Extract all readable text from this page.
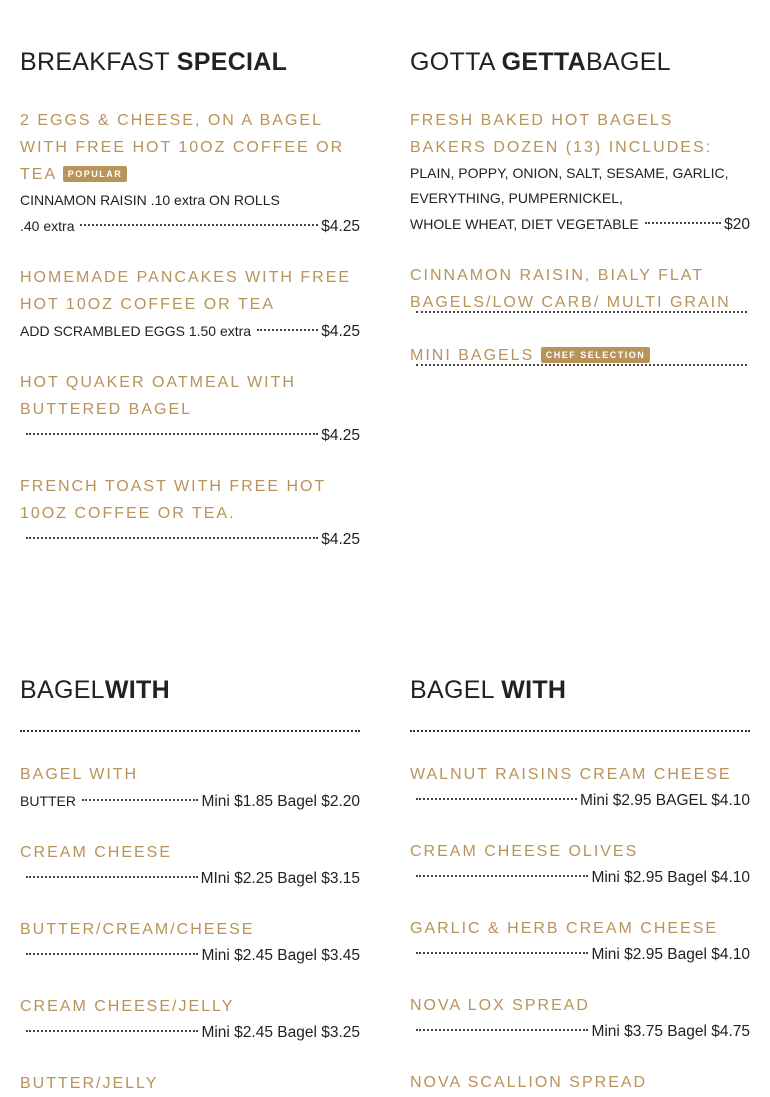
BREAKFAST SPECIAL
2 EGGS & CHEESE, ON A BAGEL WITH FREE HOT 10OZ COFFEE OR TEA POPULAR
CINNAMON RAISIN .10 extra ON ROLLS
.40 extra	$4.25
HOMEMADE PANCAKES WITH FREE HOT 10OZ COFFEE OR TEA
ADD SCRAMBLED EGGS 1.50 extra	$4.25
HOT QUAKER OATMEAL WITH BUTTERED BAGEL
$4.25
FRENCH TOAST WITH FREE HOT 10OZ COFFEE OR TEA.
$4.25
GOTTA GETTABAGEL
FRESH BAKED HOT BAGELS BAKERS DOZEN (13) INCLUDES:
PLAIN, POPPY, ONION, SALT, SESAME, GARLIC, EVERYTHING, PUMPERNICKEL,
WHOLE WHEAT, DIET VEGETABLE	$20
CINNAMON RAISIN, BIALY FLAT BAGELS/LOW CARB/ MULTI GRAIN
MINI BAGELS CHEF SELECTION
BAGELWITH
BAGEL WITH
BUTTER	Mini $1.85 Bagel $2.20
CREAM CHEESE
MIni $2.25 Bagel $3.15
BUTTER/CREAM/CHEESE
Mini $2.45 Bagel $3.45
CREAM CHEESE/JELLY
Mini $2.45 Bagel $3.25
BUTTER/JELLY
BAGEL WITH
WALNUT RAISINS CREAM CHEESE
Mini $2.95 BAGEL $4.10
CREAM CHEESE OLIVES
Mini $2.95 Bagel $4.10
GARLIC & HERB CREAM CHEESE
Mini $2.95 Bagel $4.10
NOVA LOX SPREAD
Mini $3.75 Bagel $4.75
NOVA SCALLION SPREAD
